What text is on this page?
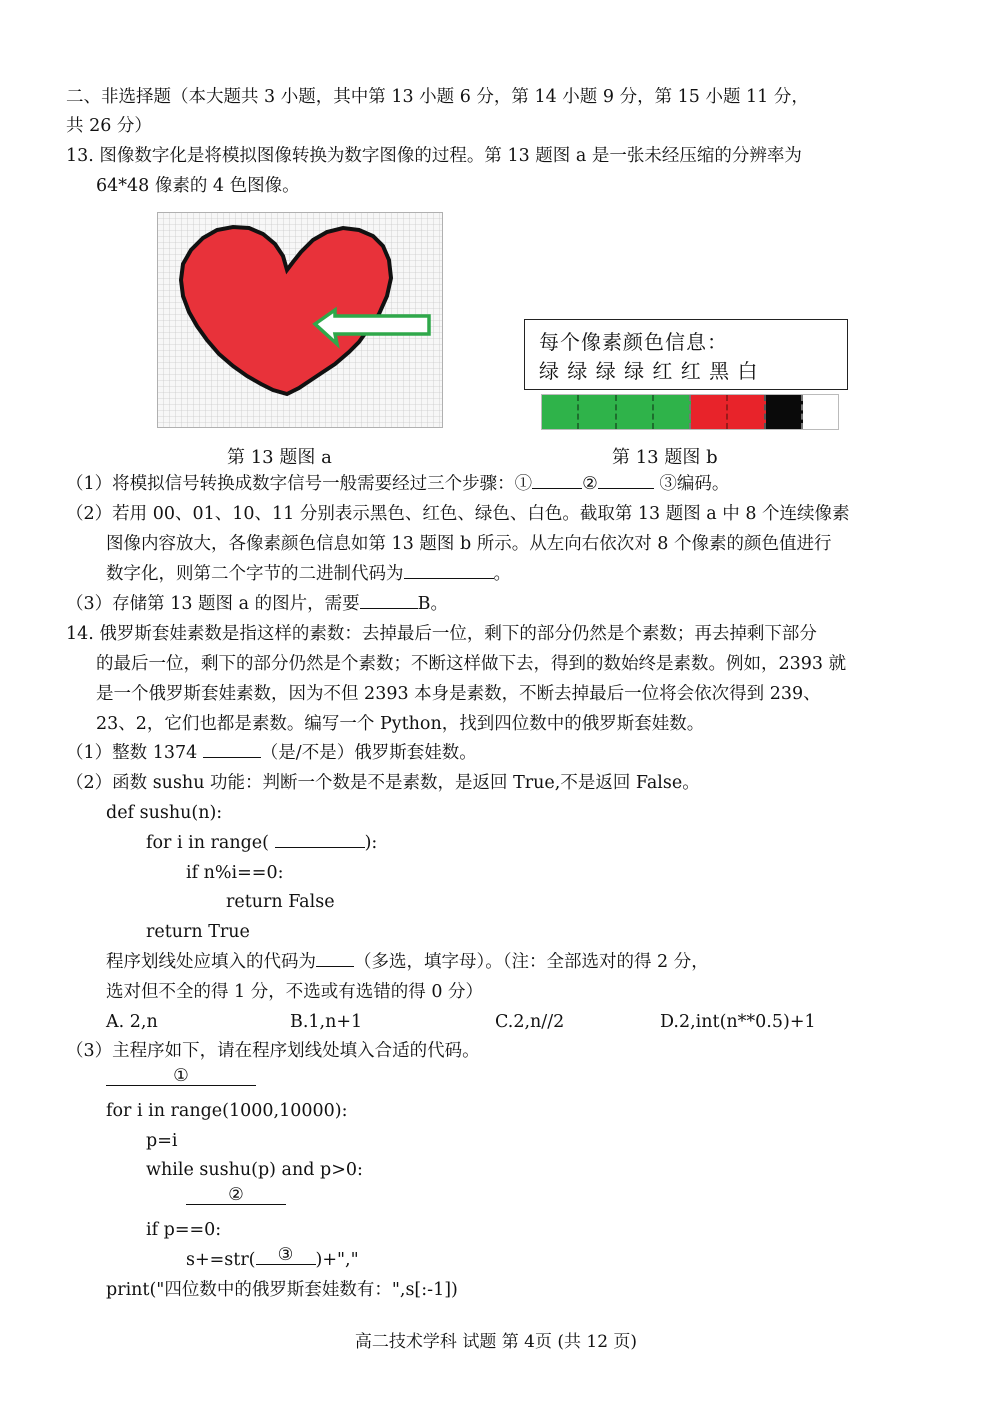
二、非选择题（本大题共 3 小题，其中第 13 小题 6 分，第 14 小题 9 分，第 15 小题 11 分，
共 26 分）
13. 图像数字化是将模拟图像转换为数字图像的过程。第 13 题图 a 是一张未经压缩的分辨率为
64*48 像素的 4 色图像。
第 13 题图 a
每个像素颜色信息：
绿 绿 绿 绿 红 红 黑 白
第 13 题图 b
（1）将模拟信号转换成数字信号一般需要经过三个步骤：①	②	③编码。
（2）若用 00、01、10、11 分别表示黑色、红色、绿色、白色。截取第 13 题图 a 中 8 个连续像素
图像内容放大，各像素颜色信息如第 13 题图 b 所示。从左向右依次对 8 个像素的颜色值进行
数字化，则第二个字节的二进制代码为	。
（3）存储第 13 题图 a 的图片，需要	B。
14. 俄罗斯套娃素数是指这样的素数：去掉最后一位，剩下的部分仍然是个素数；再去掉剩下部分
的最后一位，剩下的部分仍然是个素数；不断这样做下去，得到的数始终是素数。例如，2393 就
是一个俄罗斯套娃素数，因为不但 2393 本身是素数，不断去掉最后一位将会依次得到 239、
23、2，它们也都是素数。编写一个 Python，找到四位数中的俄罗斯套娃数。
（1）整数 1374	（是/不是）俄罗斯套娃数。
（2）函数 sushu 功能：判断一个数是不是素数，是返回 True,不是返回 False。
def sushu(n):
for i in range(	):
if n%i==0:
return False
return True
程序划线处应填入的代码为 （多选，填字母）。（注：全部选对的得 2 分，
选对但不全的得 1 分，不选或有选错的得 0 分）
A. 2,n	B.1,n+1	C.2,n//2	D.2,int(n**0.5)+1
（3）主程序如下，请在程序划线处填入合适的代码。
①
for i in range(1000,10000):
p=i
while sushu(p) and p>0:
②
if p==0:
s+=str(	③	)+","
print("四位数中的俄罗斯套娃数有：",s[:-1])
高二技术学科 试题 第 4页 (共 12 页)
